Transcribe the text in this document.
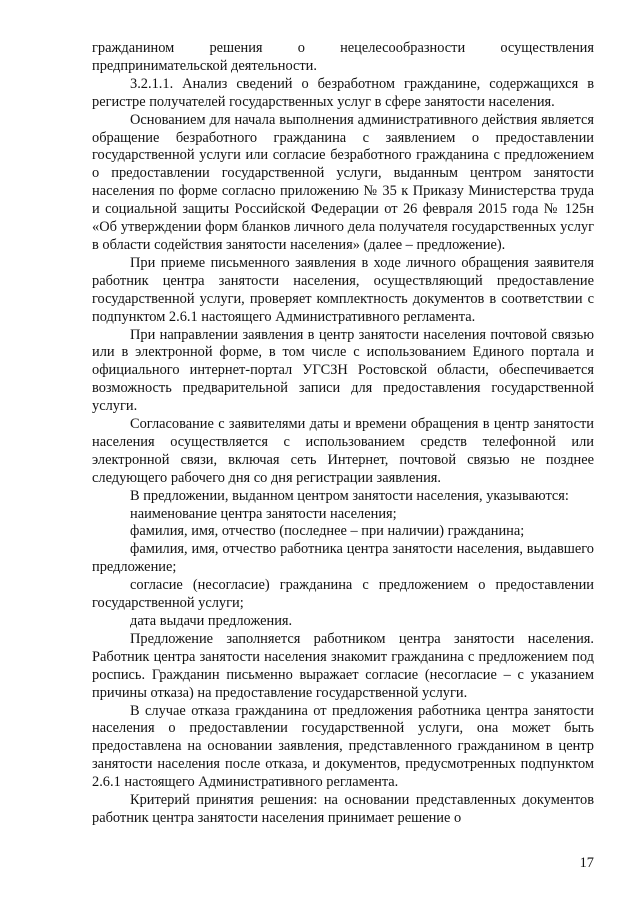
гражданином решения о нецелесообразности осуществления предпринимательской деятельности.

3.2.1.1. Анализ сведений о безработном гражданине, содержащихся в регистре получателей государственных услуг в сфере занятости населения.

Основанием для начала выполнения административного действия является обращение безработного гражданина с заявлением о предоставлении государственной услуги или согласие безработного гражданина с предложением о предоставлении государственной услуги, выданным центром занятости населения по форме согласно приложению № 35 к Приказу Министерства труда и социальной защиты Российской Федерации от 26 февраля 2015 года № 125н «Об утверждении форм бланков личного дела получателя государственных услуг в области содействия занятости населения» (далее – предложение).

При приеме письменного заявления в ходе личного обращения заявителя работник центра занятости населения, осуществляющий предоставление государственной услуги, проверяет комплектность документов в соответствии с подпунктом 2.6.1 настоящего Административного регламента.

При направлении заявления в центр занятости населения почтовой связью или в электронной форме, в том числе с использованием Единого портала и официального интернет-портал УГСЗН Ростовской области, обеспечивается возможность предварительной записи для предоставления государственной услуги.

Согласование с заявителями даты и времени обращения в центр занятости населения осуществляется с использованием средств телефонной или электронной связи, включая сеть Интернет, почтовой связью не позднее следующего рабочего дня со дня регистрации заявления.

В предложении, выданном центром занятости населения, указываются:

наименование центра занятости населения;

фамилия, имя, отчество (последнее – при наличии) гражданина;

фамилия, имя, отчество работника центра занятости населения, выдавшего предложение;

согласие (несогласие) гражданина с предложением о предоставлении государственной услуги;

дата выдачи предложения.

Предложение заполняется работником центра занятости населения. Работник центра занятости населения знакомит гражданина с предложением под роспись. Гражданин письменно выражает согласие (несогласие – с указанием причины отказа) на предоставление государственной услуги.

В случае отказа гражданина от предложения работника центра занятости населения о предоставлении государственной услуги, она может быть предоставлена на основании заявления, представленного гражданином в центр занятости населения после отказа, и документов, предусмотренных подпунктом 2.6.1 настоящего Административного регламента.

Критерий принятия решения: на основании представленных документов работник центра занятости населения принимает решение о

17
